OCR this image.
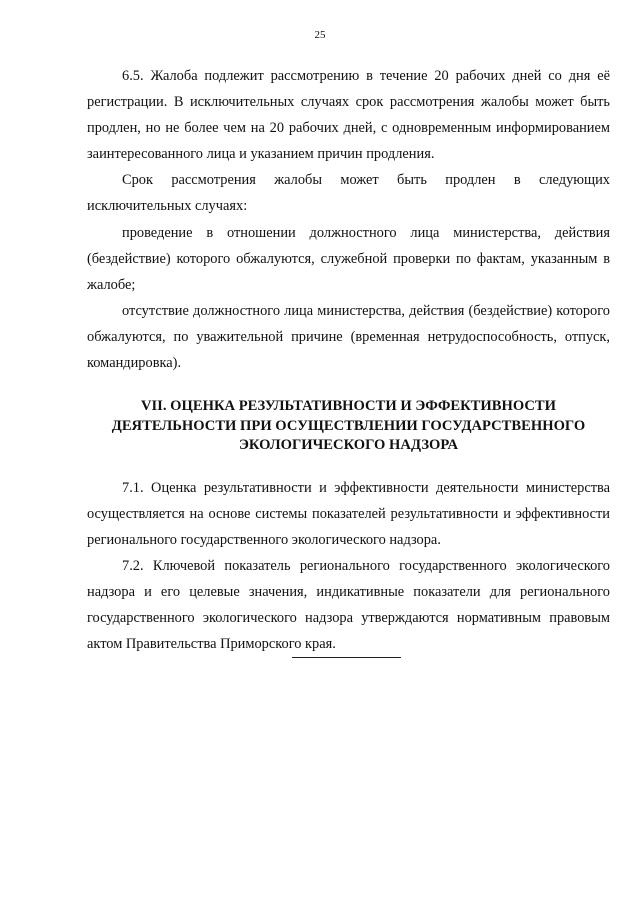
25

6.5. Жалоба подлежит рассмотрению в течение 20 рабочих дней со дня её регистрации. В исключительных случаях срок рассмотрения жалобы может быть продлен, но не более чем на 20 рабочих дней, с одновременным информированием заинтересованного лица и указанием причин продления.

Срок рассмотрения жалобы может быть продлен в следующих исключительных случаях:

проведение в отношении должностного лица министерства, действия (бездействие) которого обжалуются, служебной проверки по фактам, указанным в жалобе;

отсутствие должностного лица министерства, действия (бездействие) которого обжалуются, по уважительной причине (временная нетрудоспособность, отпуск, командировка).

VII. ОЦЕНКА РЕЗУЛЬТАТИВНОСТИ И ЭФФЕКТИВНОСТИ
ДЕЯТЕЛЬНОСТИ ПРИ ОСУЩЕСТВЛЕНИИ ГОСУДАРСТВЕННОГО
ЭКОЛОГИЧЕСКОГО НАДЗОРА

7.1. Оценка результативности и эффективности деятельности министерства осуществляется на основе системы показателей результативности и эффективности регионального государственного экологического надзора.

7.2. Ключевой показатель регионального государственного экологического надзора и его целевые значения, индикативные показатели для регионального государственного экологического надзора утверждаются нормативным правовым актом Правительства Приморского края.
